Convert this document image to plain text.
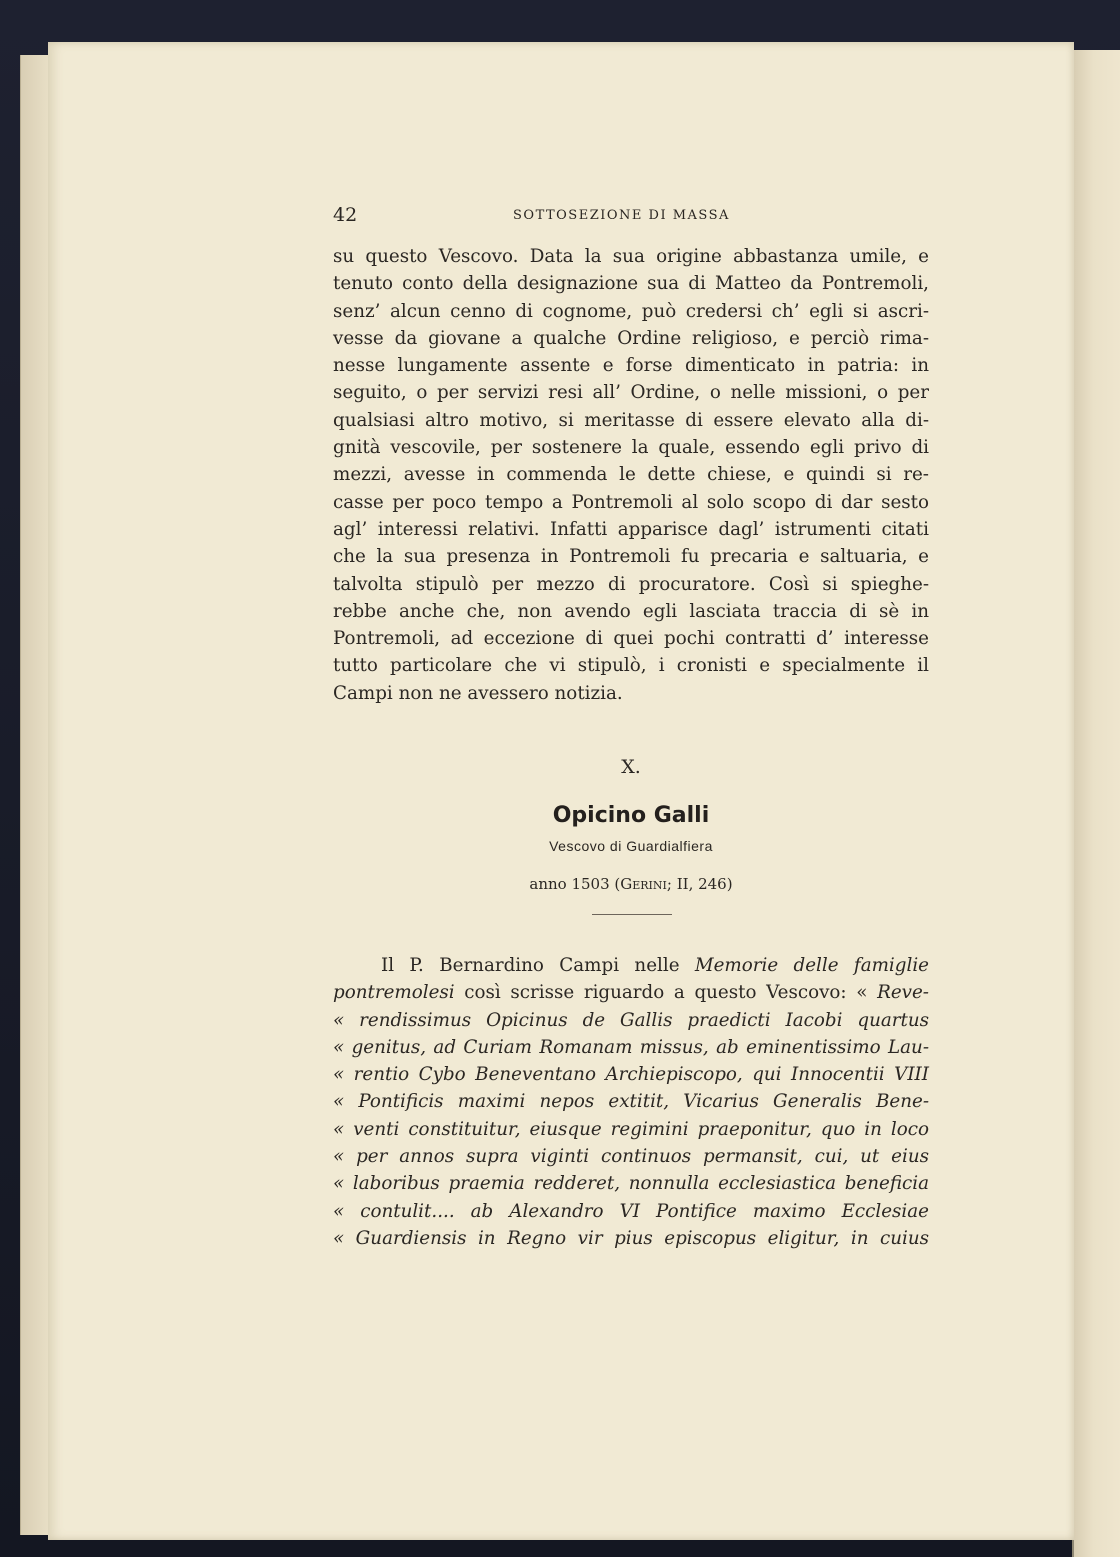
42	SOTTOSEZIONE DI MASSA
su questo Vescovo. Data la sua origine abbastanza umile, e
tenuto conto della designazione sua di Matteo da Pontremoli,
senz’ alcun cenno di cognome, può credersi ch’ egli si ascri-
vesse da giovane a qualche Ordine religioso, e perciò rima-
nesse lungamente assente e forse dimenticato in patria: in
seguito, o per servizi resi all’ Ordine, o nelle missioni, o per
qualsiasi altro motivo, si meritasse di essere elevato alla di-
gnità vescovile, per sostenere la quale, essendo egli privo di
mezzi, avesse in commenda le dette chiese, e quindi si re-
casse per poco tempo a Pontremoli al solo scopo di dar sesto
agl’ interessi relativi. Infatti apparisce dagl’ istrumenti citati
che la sua presenza in Pontremoli fu precaria e saltuaria, e
talvolta stipulò per mezzo di procuratore. Così si spieghe-
rebbe anche che, non avendo egli lasciata traccia di sè in
Pontremoli, ad eccezione di quei pochi contratti d’ interesse
tutto particolare che vi stipulò, i cronisti e specialmente il
Campi non ne avessero notizia.
X.
Opicino Galli
Vescovo di Guardialfiera
anno 1503 (Gerini; II, 246)
Il P. Bernardino Campi nelle Memorie delle famiglie
pontremolesi così scrisse riguardo a questo Vescovo: « Reve-
« rendissimus Opicinus de Gallis praedicti Iacobi quartus
« genitus, ad Curiam Romanam missus, ab eminentissimo Lau-
« rentio Cybo Beneventano Archiepiscopo, qui Innocentii VIII
« Pontificis maximi nepos extitit, Vicarius Generalis Bene-
« venti constituitur, eiusque regimini praeponitur, quo in loco
« per annos supra viginti continuos permansit, cui, ut eius
« laboribus praemia redderet, nonnulla ecclesiastica beneficia
« contulit.... ab Alexandro VI Pontifice maximo Ecclesiae
« Guardiensis in Regno vir pius episcopus eligitur, in cuius
